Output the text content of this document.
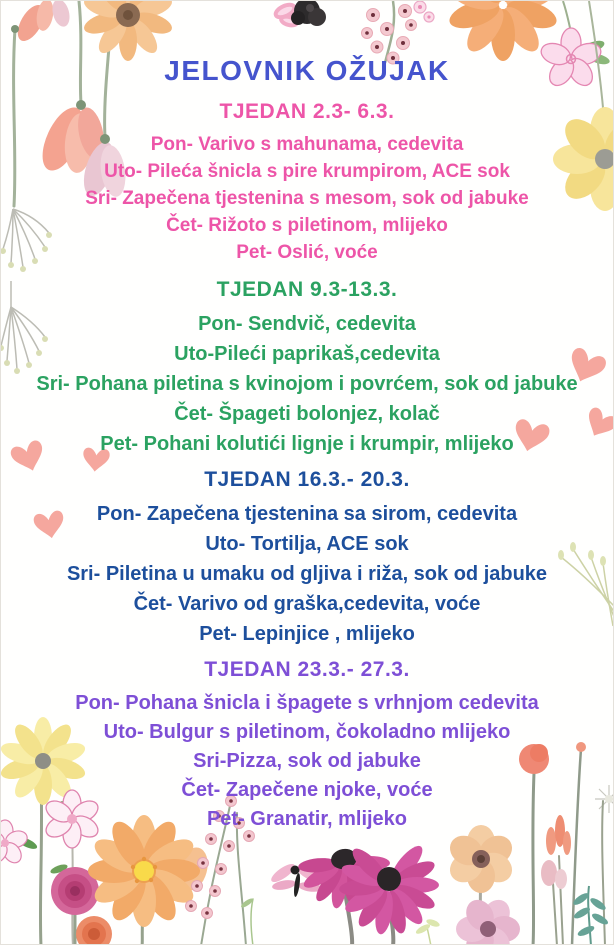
JELOVNIK OŽUJAK
TJEDAN 2.3- 6.3.
Pon- Varivo s mahunama, cedevita
Uto- Pileća šnicla s pire krumpirom, ACE sok
Sri- Zapečena tjestenina s mesom, sok od jabuke
Čet- Rižoto s piletinom, mlijeko
Pet- Oslić, voće
TJEDAN 9.3-13.3.
Pon- Sendvič, cedevita
Uto-Pileći paprikaš,cedevita
Sri- Pohana piletina s kvinojom i povrćem, sok od jabuke
Čet- Špageti bolonjez, kolač
Pet- Pohani kolutići lignje i krumpir, mlijeko
TJEDAN 16.3.- 20.3.
Pon- Zapečena tjestenina sa sirom, cedevita
Uto- Tortilja, ACE sok
Sri- Piletina u umaku od gljiva i riža, sok od jabuke
Čet- Varivo od graška,cedevita, voće
Pet- Lepinjice , mlijeko
TJEDAN 23.3.- 27.3.
Pon- Pohana šnicla i špagete s vrhnjom cedevita
Uto- Bulgur s piletinom, čokoladno mlijeko
Sri-Pizza, sok od jabuke
Čet- Zapečene njoke, voće
Pet- Granatir, mlijeko
